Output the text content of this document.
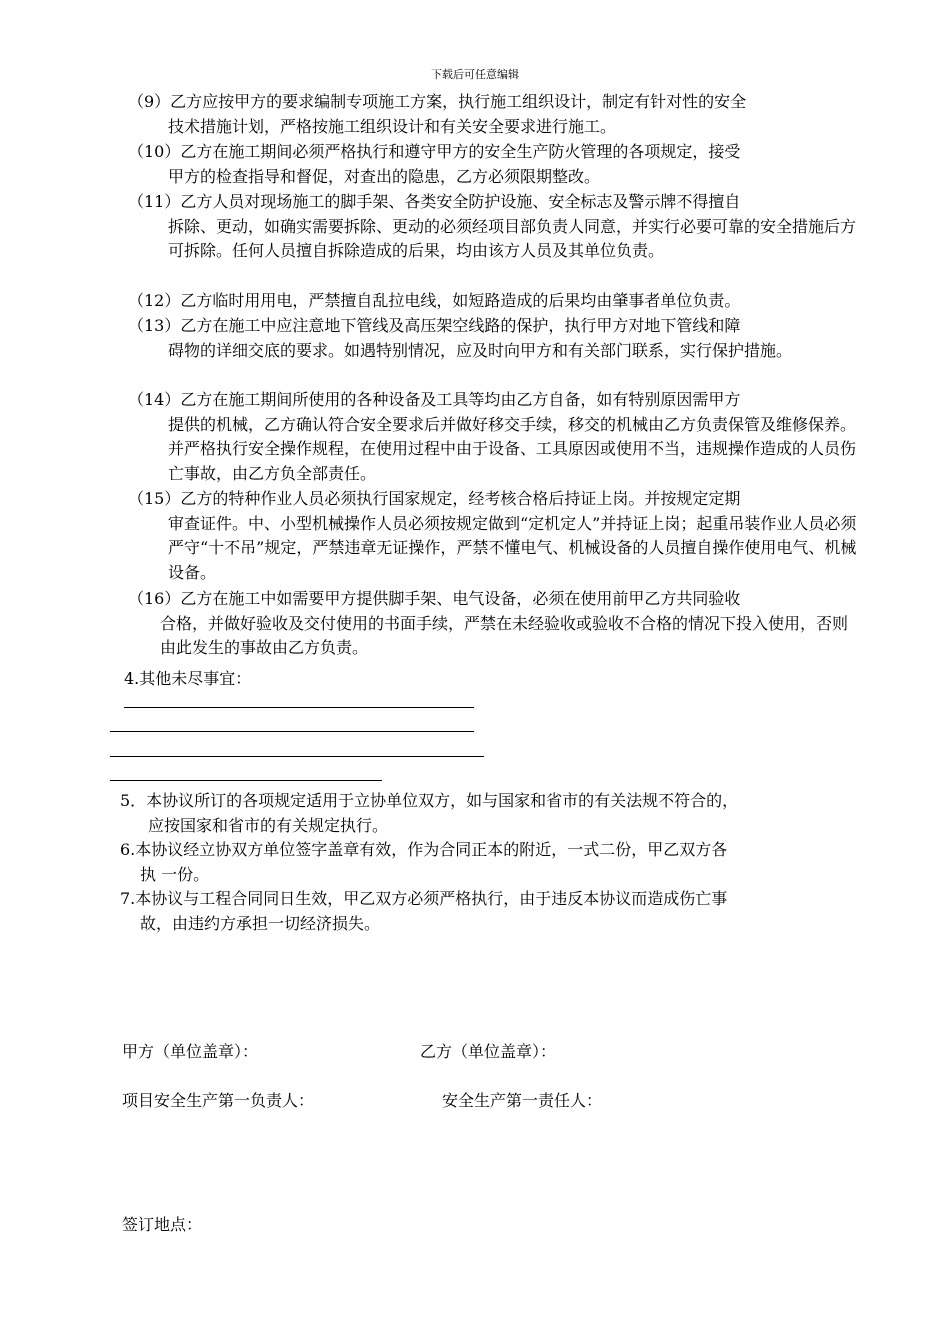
下载后可任意编辑
（9）乙方应按甲方的要求编制专项施工方案，执行施工组织设计，制定有针对性的安全
技术措施计划，严格按施工组织设计和有关安全要求进行施工。
（10）乙方在施工期间必须严格执行和遵守甲方的安全生产防火管理的各项规定，接受
甲方的检查指导和督促，对查出的隐患，乙方必须限期整改。
（11）乙方人员对现场施工的脚手架、各类安全防护设施、安全标志及警示牌不得擅自
拆除、更动，如确实需要拆除、更动的必须经项目部负责人同意，并实行必要可靠的安全措施后方可拆除。任何人员擅自拆除造成的后果，均由该方人员及其单位负责。
（12）乙方临时用用电，严禁擅自乱拉电线，如短路造成的后果均由肇事者单位负责。
（13）乙方在施工中应注意地下管线及高压架空线路的保护，执行甲方对地下管线和障
碍物的详细交底的要求。如遇特别情况，应及时向甲方和有关部门联系，实行保护措施。
（14）乙方在施工期间所使用的各种设备及工具等均由乙方自备，如有特别原因需甲方
提供的机械，乙方确认符合安全要求后并做好移交手续，移交的机械由乙方负责保管及维修保养。并严格执行安全操作规程，在使用过程中由于设备、工具原因或使用不当，违规操作造成的人员伤亡事故，由乙方负全部责任。
（15）乙方的特种作业人员必须执行国家规定，经考核合格后持证上岗。并按规定定期
审查证件。中、小型机械操作人员必须按规定做到“定机定人”并持证上岗；起重吊装作业人员必须严守“十不吊”规定，严禁违章无证操作，严禁不懂电气、机械设备的人员擅自操作使用电气、机械设备。
（16）乙方在施工中如需要甲方提供脚手架、电气设备，必须在使用前甲乙方共同验收
合格，并做好验收及交付使用的书面手续，严禁在未经验收或验收不合格的情况下投入使用，否则由此发生的事故由乙方负责。
4.其他未尽事宜：
5．本协议所订的各项规定适用于立协单位双方，如与国家和省市的有关法规不符合的，
应按国家和省市的有关规定执行。
6.本协议经立协双方单位签字盖章有效，作为合同正本的附近，一式二份，甲乙双方各
执 一份。
7.本协议与工程合同同日生效，甲乙双方必须严格执行，由于违反本协议而造成伤亡事
故，由违约方承担一切经济损失。
甲方（单位盖章）：	乙方（单位盖章）：
项目安全生产第一负责人：	安全生产第一责任人：
签订地点：
